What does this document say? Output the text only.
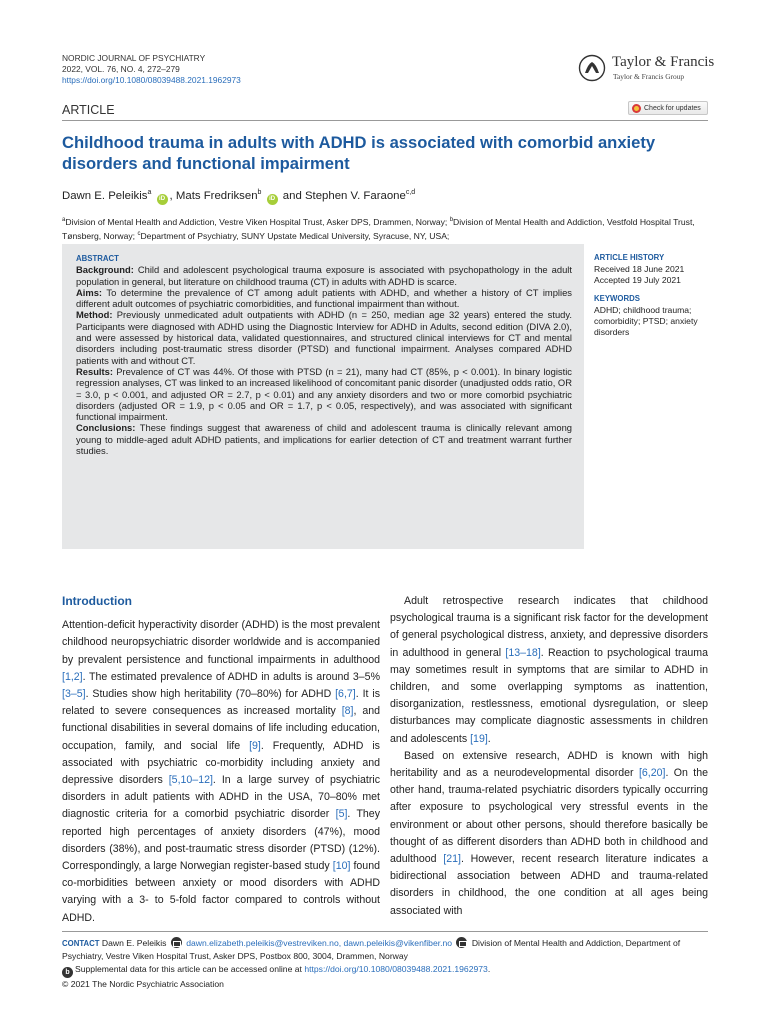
NORDIC JOURNAL OF PSYCHIATRY
2022, VOL. 76, NO. 4, 272–279
https://doi.org/10.1080/08039488.2021.1962973
Taylor & Francis
Taylor & Francis Group
ARTICLE	Check for updates
Childhood trauma in adults with ADHD is associated with comorbid anxiety disorders and functional impairment
Dawn E. Peleikis$^a$ iD , Mats Fredriksen$^b$ iD and Stephen V. Faraone$^{c,d}$
$^a$Division of Mental Health and Addiction, Vestre Viken Hospital Trust, Asker DPS, Drammen, Norway; $^b$Division of Mental Health and Addiction, Vestfold Hospital Trust, Tønsberg, Norway; $^c$Department of Psychiatry, SUNY Upstate Medical University, Syracuse, NY, USA;

ABSTRACT

Background: Child and adolescent psychological trauma exposure is associated with psychopathology in the adult population in general, but literature on childhood trauma (CT) in adults with ADHD is scarce.

Aims: To determine the prevalence of CT among adult patients with ADHD, and whether a history of CT implies different adult outcomes of psychiatric comorbidities, and functional impairment than without.

Method: Previously unmedicated adult outpatients with ADHD (n = 250, median age 32 years) entered the study. Participants were diagnosed with ADHD using the Diagnostic Interview for ADHD in Adults, second edition (DIVA 2.0), and were assessed by historical data, validated questionnaires, and structured clinical interviews for CT and mental disorders including post-traumatic stress disorder (PTSD) and functional impairment. Analyses compared ADHD patients with and without CT.

Results: Prevalence of CT was 44%. Of those with PTSD (n = 21), many had CT (85%, p < 0.001). In binary logistic regression analyses, CT was linked to an increased likelihood of concomitant panic disorder (unadjusted odds ratio, OR = 3.0, p < 0.001, and adjusted OR = 2.7, p < 0.01) and any anxiety disorders and two or more comorbid psychiatric disorders (adjusted OR = 1.9, p < 0.05 and OR = 1.7, p < 0.05, respectively), and was associated with significant functional impairment.

Conclusions: These findings suggest that awareness of child and adolescent trauma is clinically relevant among young to middle-aged adult ADHD patients, and implications for earlier detection of CT and treatment warrant further studies.

ARTICLE HISTORY
Received 18 June 2021
Accepted 19 July 2021
KEYWORDS
ADHD; childhood trauma; comorbidity; PTSD; anxiety disorders
Introduction

Attention-deficit hyperactivity disorder (ADHD) is the most prevalent childhood neuropsychiatric disorder worldwide and is accompanied by prevalent persistence and functional impairments in adulthood [1,2]. The estimated prevalence of ADHD in adults is around 3–5% [3–5]. Studies show high heritability (70–80%) for ADHD [6,7]. It is related to severe consequences as increased mortality [8], and functional disabilities in several domains of life including education, occupation, family, and social life [9]. Frequently, ADHD is associated with psychiatric co-morbidity including anxiety and depressive disorders [5,10–12]. In a large survey of psychiatric disorders in adult patients with ADHD in the USA, 70–80% met diagnostic criteria for a comorbid psychiatric disorder [5]. They reported high percentages of anxiety disorders (47%), mood disorders (38%), and post-traumatic stress disorder (PTSD) (12%). Correspondingly, a large Norwegian register-based study [10] found co-morbidities between anxiety or mood disorders with ADHD varying with a 3- to 5-fold factor compared to controls without ADHD.

Adult retrospective research indicates that childhood psychological trauma is a significant risk factor for the development of general psychological distress, anxiety, and depressive disorders in adulthood in general [13–18]. Reaction to psychological trauma may sometimes result in symptoms that are similar to ADHD in children, and some overlapping symptoms as inattention, disorganization, restlessness, emotional dysregulation, or sleep disturbances may complicate diagnostic assessments in children and adolescents [19].

Based on extensive research, ADHD is known with high heritability and as a neurodevelopmental disorder [6,20]. On the other hand, trauma-related psychiatric disorders typically occurring after exposure to psychological very stressful events in the environment or about other persons, should therefore basically be thought of as different disorders than ADHD both in childhood and adulthood [21]. However, recent research literature indicates a bidirectional association between ADHD and trauma-related disorders in childhood, the one condition at all ages being associated with

CONTACT Dawn E. Peleikis  dawn.elizabeth.peleikis@vestreviken.no, dawn.peleikis@vikenfiber.no  Division of Mental Health and Addiction, Department of Psychiatry, Vestre Viken Hospital Trust, Asker DPS, Postbox 800, 3004, Drammen, Norway
b Supplemental data for this article can be accessed online at https://doi.org/10.1080/08039488.2021.1962973.
© 2021 The Nordic Psychiatric Association
